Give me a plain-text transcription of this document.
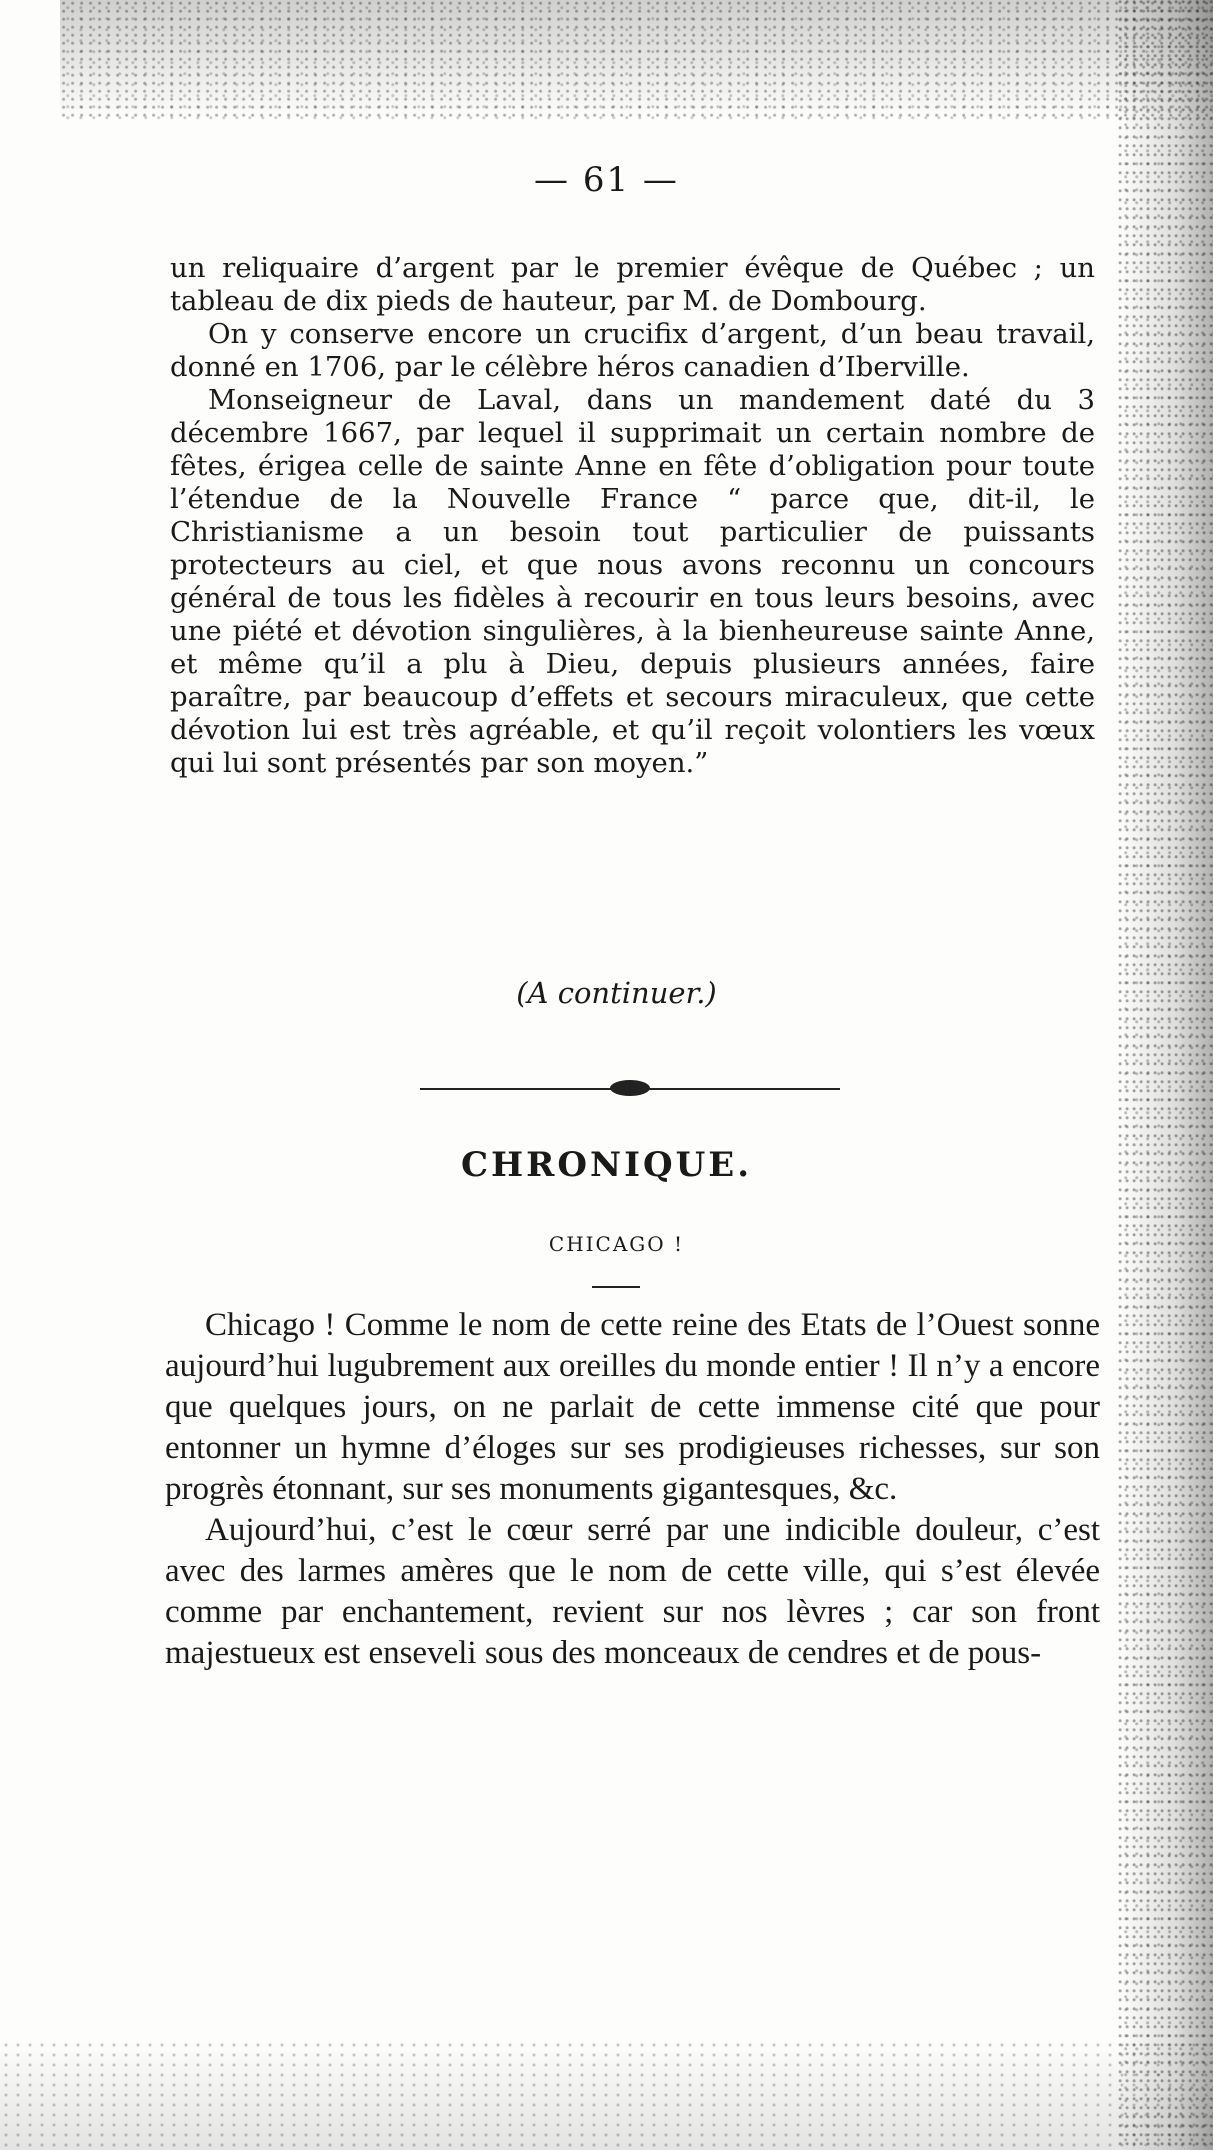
— 61 —

un reliquaire d’argent par le premier évêque de Québec ; un tableau de dix pieds de hauteur, par M. de Dombourg.

On y conserve encore un crucifix d’argent, d’un beau travail, donné en 1706, par le célèbre héros canadien d’Iberville.

Monseigneur de Laval, dans un mandement daté du 3 décembre 1667, par lequel il supprimait un certain nombre de fêtes, érigea celle de sainte Anne en fête d’obligation pour toute l’étendue de la Nouvelle France “ parce que, dit-il, le Christianisme a un besoin tout particulier de puissants protecteurs au ciel, et que nous avons reconnu un concours général de tous les fidèles à recourir en tous leurs besoins, avec une piété et dévotion singulières, à la bienheureuse sainte Anne, et même qu’il a plu à Dieu, depuis plusieurs années, faire paraître, par beaucoup d’effets et secours miraculeux, que cette dévotion lui est très agréable, et qu’il reçoit volontiers les vœux qui lui sont présentés par son moyen.”

(A continuer.)
CHRONIQUE.
CHICAGO !

Chicago ! Comme le nom de cette reine des Etats de l’Ouest sonne aujourd’hui lugubrement aux oreilles du monde entier ! Il n’y a encore que quelques jours, on ne parlait de cette immense cité que pour entonner un hymne d’éloges sur ses prodigieuses richesses, sur son progrès étonnant, sur ses monuments gigantesques, &c.

Aujourd’hui, c’est le cœur serré par une indicible douleur, c’est avec des larmes amères que le nom de cette ville, qui s’est élevée comme par enchantement, revient sur nos lèvres ; car son front majestueux est enseveli sous des monceaux de cendres et de pous-
